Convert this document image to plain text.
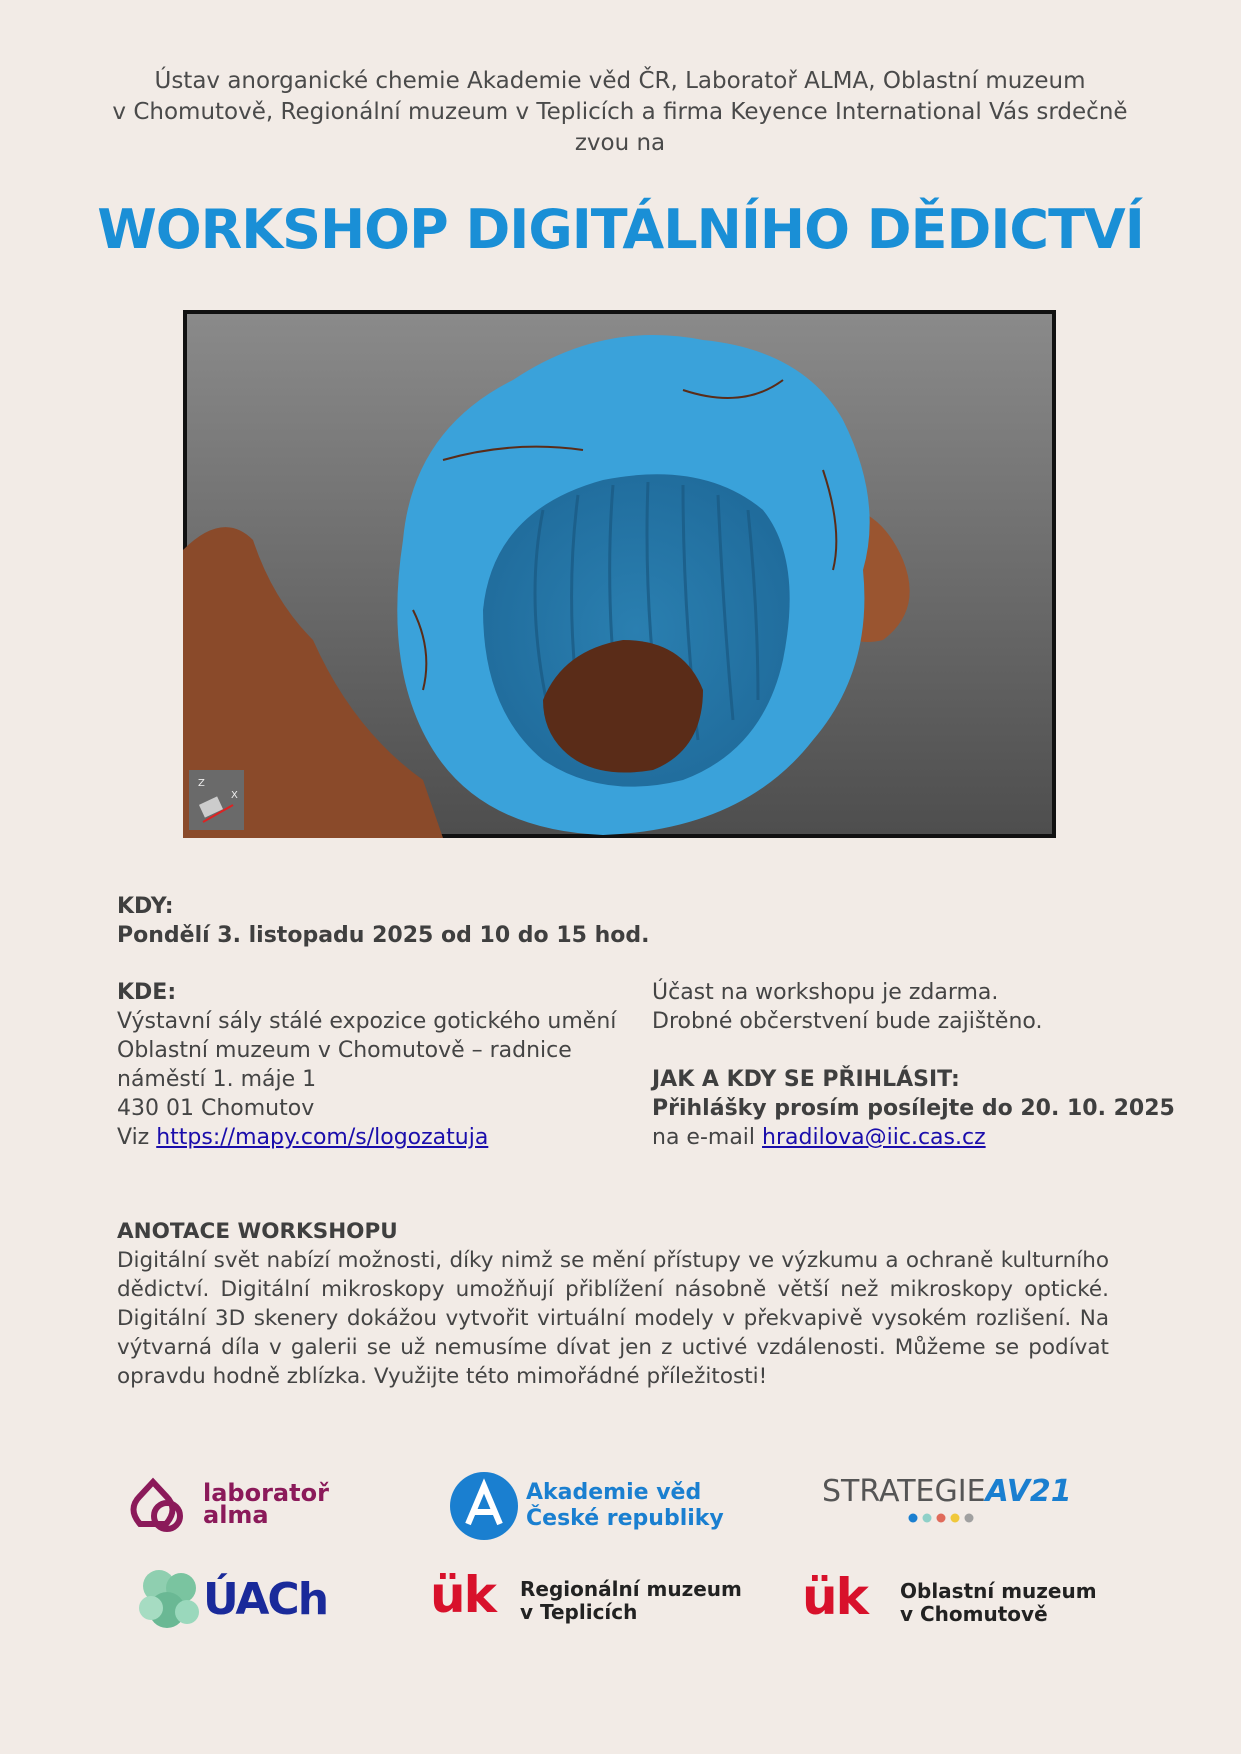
Ústav anorganické chemie Akademie věd ČR, Laboratoř ALMA, Oblastní muzeum
v Chomutově, Regionální muzeum v Teplicích a firma Keyence International Vás srdečně
zvou na
WORKSHOP DIGITÁLNÍHO DĚDICTVÍ
Z
X
KDY:
Pondělí 3. listopadu 2025 od 10 do 15 hod.
KDE:
Výstavní sály stálé expozice gotického umění
Oblastní muzeum v Chomutově – radnice
náměstí 1. máje 1
430 01 Chomutov
Viz https://mapy.com/s/logozatuja
Účast na workshopu je zdarma.
Drobné občerstvení bude zajištěno.

JAK A KDY SE PŘIHLÁSIT:
Přihlášky prosím posílejte do 20. 10. 2025
na e-mail hradilova@iic.cas.cz
ANOTACE WORKSHOPU
Digitální svět nabízí možnosti, díky nimž se mění přístupy ve výzkumu a ochraně kulturního dědictví. Digitální mikroskopy umožňují přiblížení násobně větší než mikroskopy optické. Digitální 3D skenery dokážou vytvořit virtuální modely v překvapivě vysokém rozlišení. Na výtvarná díla v galerii se už nemusíme dívat jen z uctivé vzdálenosti. Můžeme se podívat opravdu hodně zblízka. Využijte této mimořádné příležitosti!
laboratoř
alma
Akademie věd
České republiky
STRATEGIEAV21
ÚACh ük Regionální muzeum
v Teplicích	ük Oblastní muzeum
v Chomutově
